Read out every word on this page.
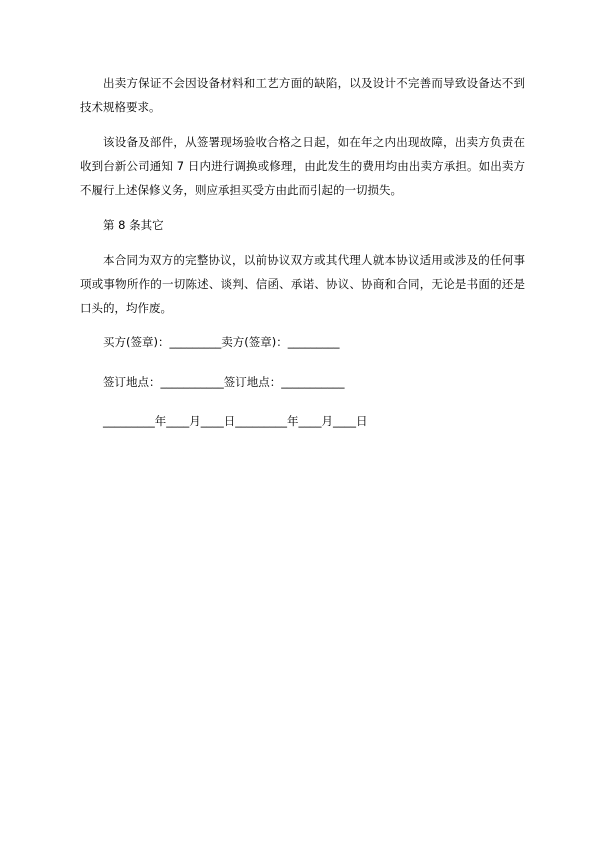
出卖方保证不会因设备材料和工艺方面的缺陷，以及设计不完善而导致设备达不到技术规格要求。

该设备及部件，从签署现场验收合格之日起，如在年之内出现故障，出卖方负责在收到台新公司通知 7 日内进行调换或修理，由此发生的费用均由出卖方承担。如出卖方不履行上述保修义务，则应承担买受方由此而引起的一切损失。

第 8 条其它

本合同为双方的完整协议，以前协议双方或其代理人就本协议适用或涉及的任何事项或事物所作的一切陈述、谈判、信函、承诺、协议、协商和合同，无论是书面的还是口头的，均作废。

买方(签章)：_________卖方(签章)：_________

签订地点：___________签订地点：___________

_________年____月____日_________年____月____日
